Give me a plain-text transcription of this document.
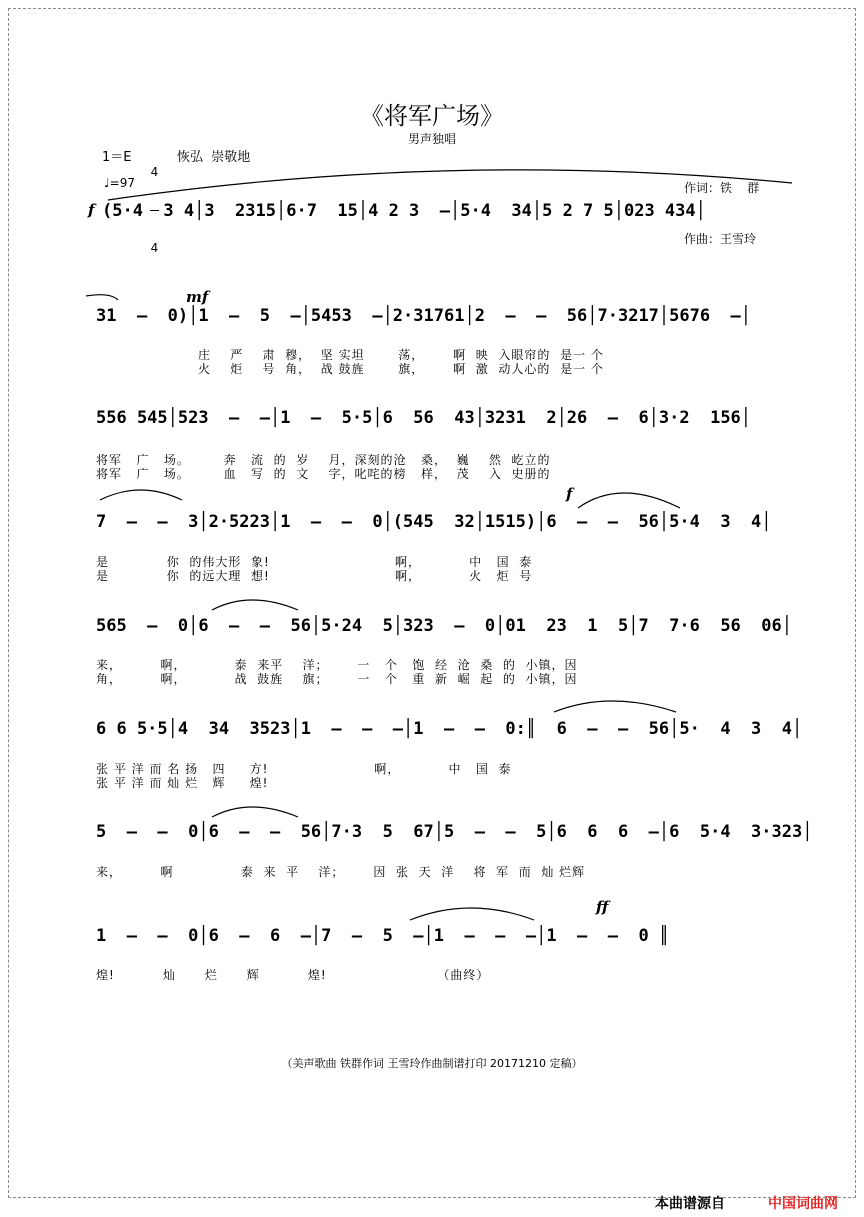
《将军广场》
男声独唱
1＝E

4

4

恢弘  崇敬地
♩=97

	作词：铁    群

作曲：王雪玲

f (5·4  3 4│3  2315│6·7  15│4 2 3  –│5·4  34│5 2 7 5│023 434│
mf
31  –  0)│1  –  5  –│5453  –│2·31761│2  –  –  56│7·3217│5676  –│
庄    严    肃  穆，  坚 实坦       荡，      啊  映  入眼帘的  是一 个
火    炬    号  角，  战 鼓旌       旗，      啊  激  动人心的  是一 个
556 545│523  –  –│1  –  5·5│6  56  43│3231  2│26  –  6│3·2  156│
将军   广   场。       奔   流  的  岁    月，深刻的沧   桑，  巍    然  屹立的
将军   广   场。       血   写  的  文    字，叱咤的榜   样，  茂    入  史册的
f
7  –  –  3│2·5223│1  –  –  0│(545  32│1515)│6  –  –  56│5·4  3  4│
是            你  的伟大形  象!                          啊，          中   国  泰
是            你  的远大理  想!                          啊，          火   炬  号
565  –  0│6  –  –  56│5·24  5│323  –  0│01  23  1  5│7  7·6  56  06│
来，        啊，          泰  来平    洋；      一   个   饱  经  沧  桑  的  小镇，因
角，        啊，          战  鼓旌    旗；      一   个   重  新  崛  起  的  小镇，因
6 6 5·5│4  34  3523│1  –  –  –│1  –  –  0:║  6  –  –  56│5·  4  3  4│
张 平 洋 而 名 扬   四     方!                      啊，          中   国  泰
张 平 洋 而 灿 烂   辉     煌!
5  –  –  0│6  –  –  56│7·3  5  67│5  –  –  5│6  6  6  –│6  5·4  3·323│
来，        啊              泰  来  平    洋；      因  张  天  洋    将  军  而  灿 烂辉
ff
1  –  –  0│6  –  6  –│7  –  5  –│1  –  –  –│1  –  –  0 ║
煌!          灿      烂      辉          煌!                       （曲终）
（美声歌曲 铁群作词 王雪玲作曲制谱打印 20171210 定稿）
本曲谱源自	中国词曲网
